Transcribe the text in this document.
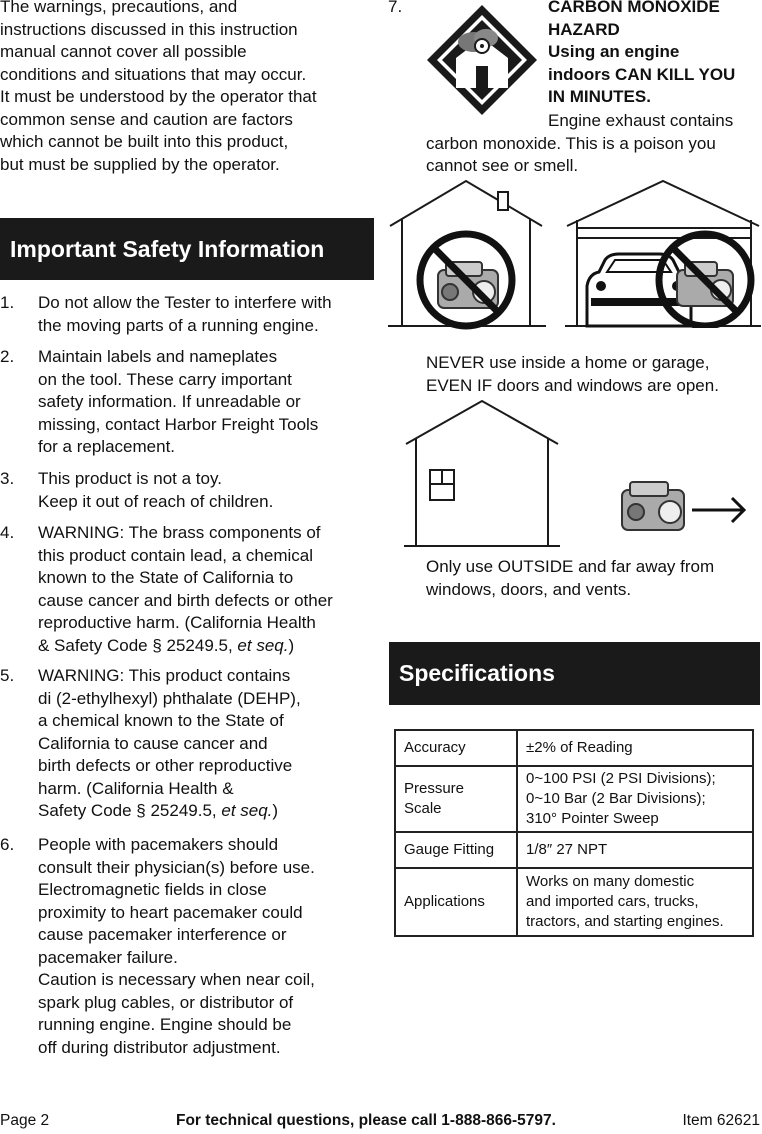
The warnings, precautions, and
instructions discussed in this instruction
manual cannot cover all possible
conditions and situations that may occur.
It must be understood by the operator that
common sense and caution are factors
which cannot be built into this product,
but must be supplied by the operator.
Important Safety Information
1. Do not allow the Tester to interfere with
the moving parts of a running engine.
2. Maintain labels and nameplates
on the tool. These carry important
safety information. If unreadable or
missing, contact Harbor Freight Tools
for a replacement.
3. This product is not a toy.
Keep it out of reach of children.
4. WARNING: The brass components of
this product contain lead, a chemical
known to the State of California to
cause cancer and birth defects or other
reproductive harm. (California Health
& Safety Code § 25249.5, et seq.)
5. WARNING: This product contains
di (2-ethylhexyl) phthalate (DEHP),
a chemical known to the State of
California to cause cancer and
birth defects or other reproductive
harm. (California Health &
Safety Code § 25249.5, et seq.)
6. People with pacemakers should
consult their physician(s) before use.
Electromagnetic fields in close
proximity to heart pacemaker could
cause pacemaker interference or
pacemaker failure.
Caution is necessary when near coil,
spark plug cables, or distributor of
running engine. Engine should be
off during distributor adjustment.
7.	CARBON MONOXIDE
HAZARD
Using an engine
indoors CAN KILL YOU
IN MINUTES.
Engine exhaust contains
carbon monoxide. This is a poison you
cannot see or smell.
NEVER use inside a home or garage,
EVEN IF doors and windows are open.
Only use OUTSIDE and far away from
windows, doors, and vents.
Specifications
Accuracy	±2% of Reading

Pressure
Scale	0~100 PSI (2 PSI Divisions);
0~10 Bar (2 Bar Divisions);
310° Pointer Sweep

Gauge Fitting	1/8″ 27 NPT

Applications	Works on many domestic
and imported cars, trucks,
tractors, and starting engines.
Page 2	For technical questions, please call 1-888-866-5797.	Item 62621
